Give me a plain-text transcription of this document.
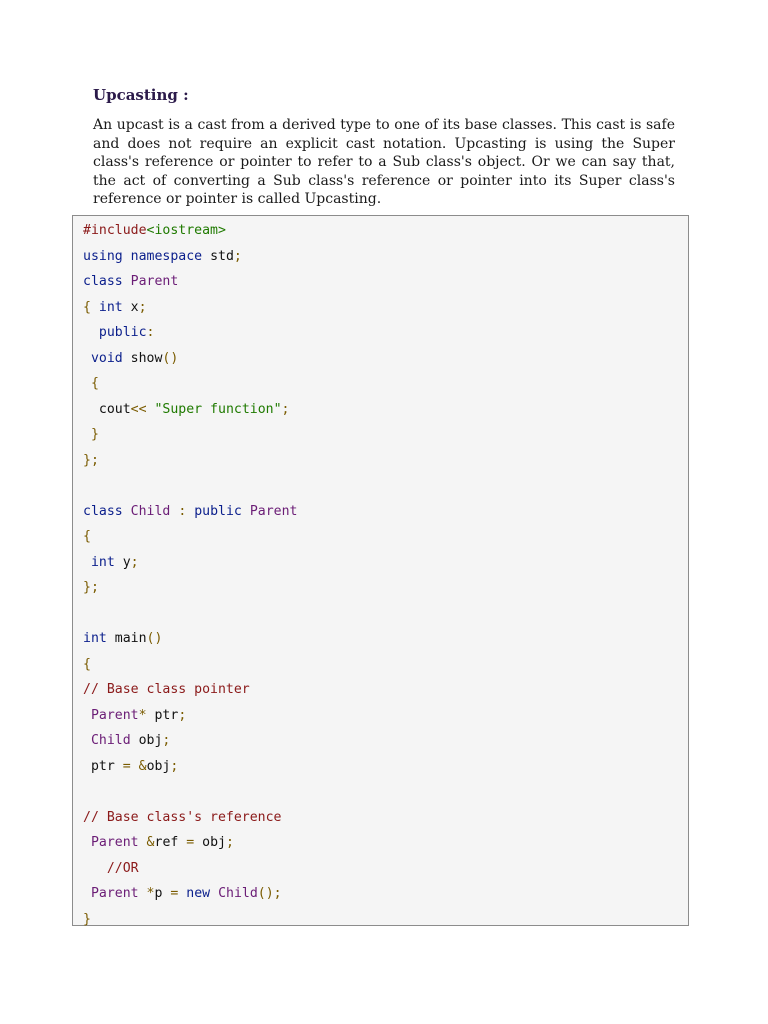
Upcasting :

An upcast is a cast from a derived type to one of its base classes. This cast is safe and does not require an explicit cast notation. Upcasting is using the Super class's reference or pointer to refer to a Sub class's object. Or we can say that, the act of converting a Sub class's reference or pointer into its Super class's reference or pointer is called Upcasting.

#include<iostream>
using namespace std;
class Parent
{ int x;
public:
void show()
{
cout<< "Super function";
}
};

class Child : public Parent
{
int y;
};

int main()
{
// Base class pointer
Parent* ptr;
Child obj;
ptr = &obj;

// Base class's reference
Parent &ref = obj;
//OR
Parent *p = new Child();
}
